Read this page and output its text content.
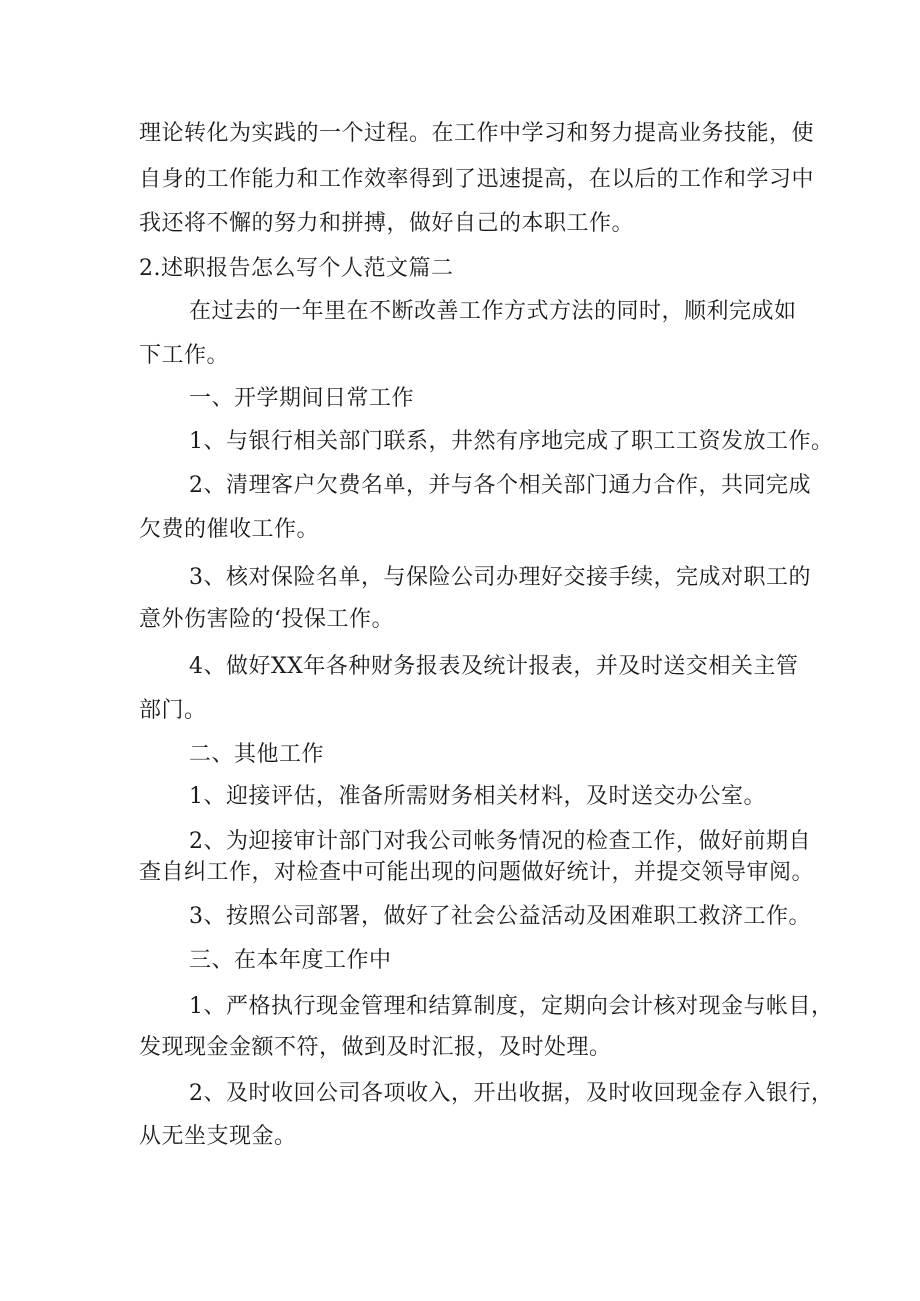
理论转化为实践的一个过程。在工作中学习和努力提高业务技能，使
自身的工作能力和工作效率得到了迅速提高，在以后的工作和学习中
我还将不懈的努力和拼搏，做好自己的本职工作。
2.述职报告怎么写个人范文篇二
在过去的一年里在不断改善工作方式方法的同时，顺利完成如
下工作。
一、开学期间日常工作
1、与银行相关部门联系，井然有序地完成了职工工资发放工作。
2、清理客户欠费名单，并与各个相关部门通力合作，共同完成
欠费的催收工作。
3、核对保险名单，与保险公司办理好交接手续，完成对职工的
意外伤害险的‘投保工作。
4、做好XX年各种财务报表及统计报表，并及时送交相关主管
部门。
二、其他工作
1、迎接评估，准备所需财务相关材料，及时送交办公室。
2、为迎接审计部门对我公司帐务情况的检查工作，做好前期自
查自纠工作，对检查中可能出现的问题做好统计，并提交领导审阅。
3、按照公司部署，做好了社会公益活动及困难职工救济工作。
三、在本年度工作中
1、严格执行现金管理和结算制度，定期向会计核对现金与帐目，
发现现金金额不符，做到及时汇报，及时处理。
2、及时收回公司各项收入，开出收据，及时收回现金存入银行，
从无坐支现金。
